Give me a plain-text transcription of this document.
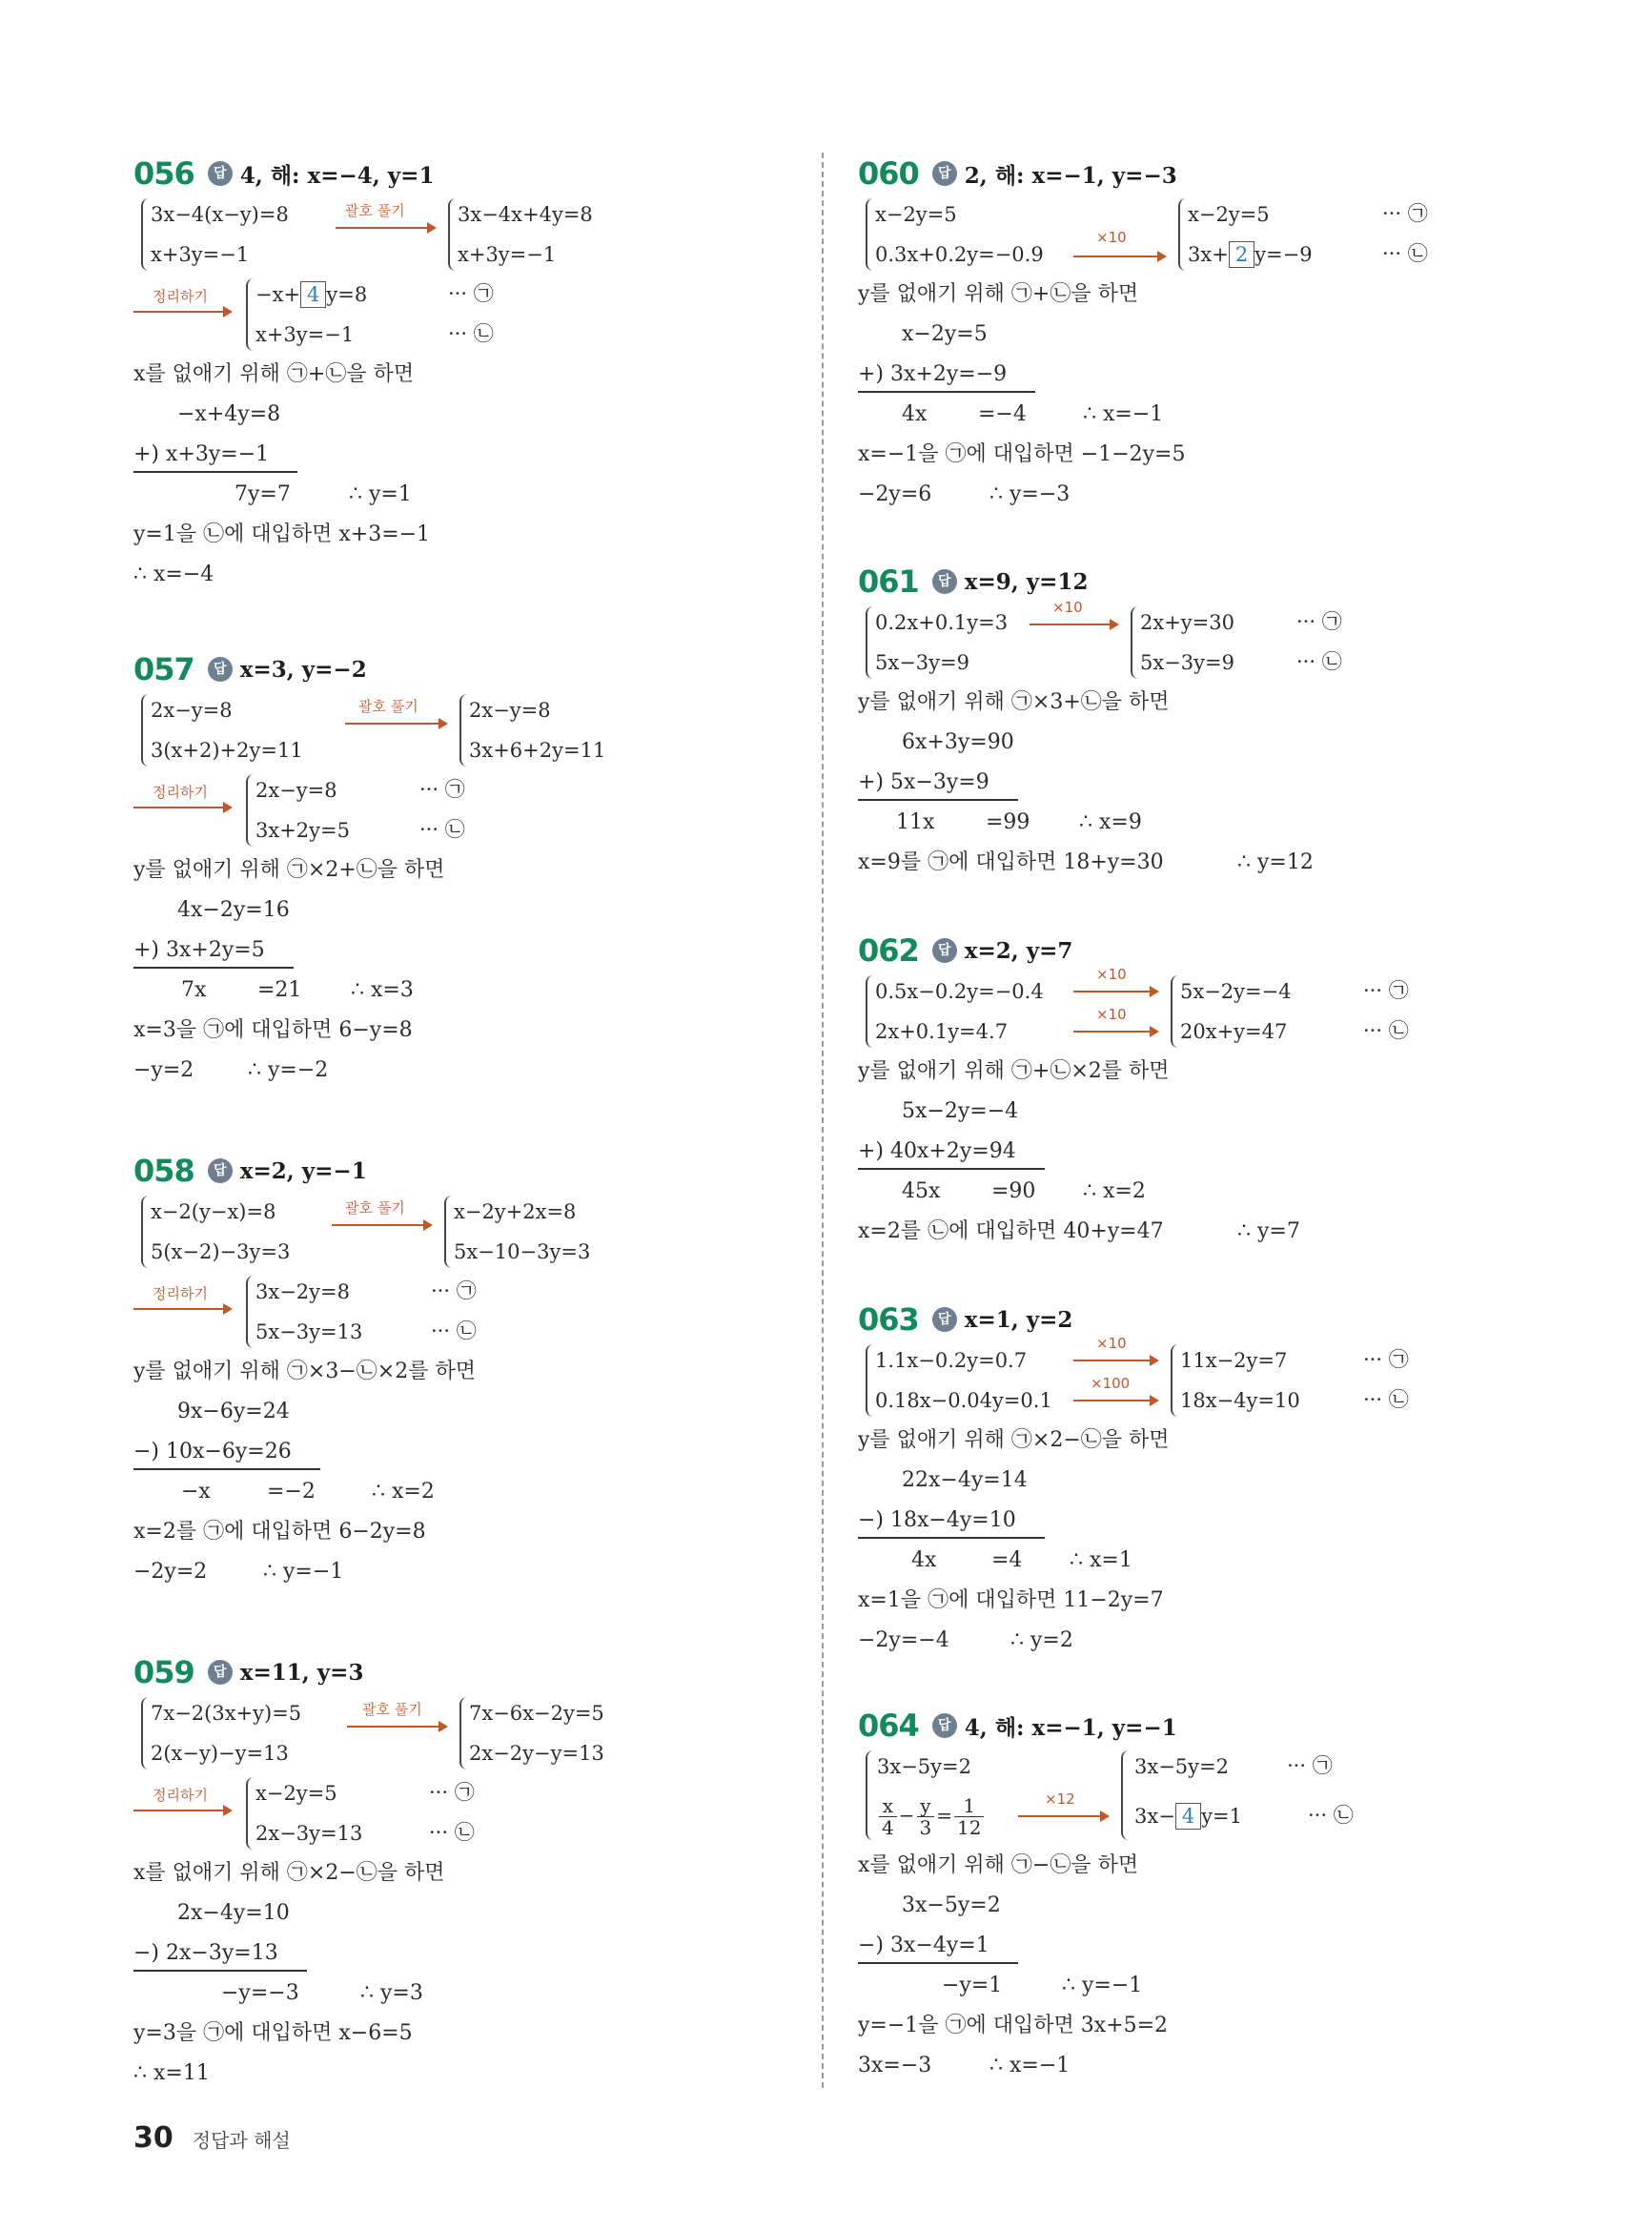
056	답 4, 해: x=−4, y=1
3x−4(x−y)=8
x+3y=−1
괄호 풀기	3x−4x+4y=8
x+3y=−1
정리하기 −x+ 4 y=8
x+3y=−1
··· ㉠
··· ㉡
x를 없애기 위해 ㉠+㉡을 하면
−x+4y=8
+) x+3y=−1
7y=7	∴ y=1
y=1을 ㉡에 대입하면 x+3=−1
∴ x=−4
057	답 x=3, y=−2
2x−y=8
3(x+2)+2y=11
괄호 풀기	2x−y=8
3x+6+2y=11
정리하기 2x−y=8
3x+2y=5
··· ㉠
··· ㉡
y를 없애기 위해 ㉠×2+㉡을 하면
4x−2y=16
+) 3x+2y=5
7x =21 ∴ x=3
x=3을 ㉠에 대입하면 6−y=8
−y=2	∴ y=−2
058	답 x=2, y=−1
x−2(y−x)=8
5(x−2)−3y=3
괄호 풀기 x−2y+2x=8
5x−10−3y=3
정리하기 3x−2y=8
5x−3y=13
··· ㉠
··· ㉡
y를 없애기 위해 ㉠×3−㉡×2를 하면
9x−6y=24
−) 10x−6y=26
−x	=−2	∴ x=2
x=2를 ㉠에 대입하면 6−2y=8
−2y=2	∴ y=−1
059	답 x=11, y=3
7x−2(3x+y)=5
2(x−y)−y=13
괄호 풀기 7x−6x−2y=5
2x−2y−y=13
정리하기 x−2y=5
2x−3y=13
··· ㉠
··· ㉡
x를 없애기 위해 ㉠×2−㉡을 하면
2x−4y=10
−) 2x−3y=13
−y=−3	∴ y=3
y=3을 ㉠에 대입하면 x−6=5
∴ x=11
060	답 2, 해: x=−1, y=−3
x−2y=5
0.3x+0.2y=−0.9
×10
x−2y=5
3x+ 2 y=−9
··· ㉠
··· ㉡
y를 없애기 위해 ㉠+㉡을 하면
x−2y=5
+) 3x+2y=−9
4x =−4	∴ x=−1
x=−1을 ㉠에 대입하면 −1−2y=5
−2y=6	∴ y=−3
061	답 x=9, y=12
0.2x+0.1y=3
5x−3y=9
×10
2x+y=30
5x−3y=9
··· ㉠
··· ㉡
y를 없애기 위해 ㉠×3+㉡을 하면
6x+3y=90
+) 5x−3y=9
11x =99 ∴ x=9
x=9를 ㉠에 대입하면 18+y=30	∴ y=12
062	답 x=2, y=7
0.5x−0.2y=−0.4
2x+0.1y=4.7
×10
×10
5x−2y=−4
20x+y=47
··· ㉠
··· ㉡
y를 없애기 위해 ㉠+㉡×2를 하면
5x−2y=−4
+) 40x+2y=94
45x =90 ∴ x=2
x=2를 ㉡에 대입하면 40+y=47	∴ y=7
063	답 x=1, y=2
1.1x−0.2y=0.7
0.18x−0.04y=0.1
×10
×100
11x−2y=7
18x−4y=10
··· ㉠
··· ㉡
y를 없애기 위해 ㉠×2−㉡을 하면
22x−4y=14
−) 18x−4y=10
4x	=4 ∴ x=1
x=1을 ㉠에 대입하면 11−2y=7
−2y=−4	∴ y=2
064	답 4, 해: x=−1, y=−1
3x−5y=2
$\frac{x}{4} - \frac{y}{3} = \frac{1}{12}$	×12
3x−5y=2
3x− 4 y=1
··· ㉠
··· ㉡
x를 없애기 위해 ㉠−㉡을 하면
3x−5y=2
−) 3x−4y=1
−y=1	∴ y=−1
y=−1을 ㉠에 대입하면 3x+5=2
3x=−3	∴ x=−1
30 정답과 해설
